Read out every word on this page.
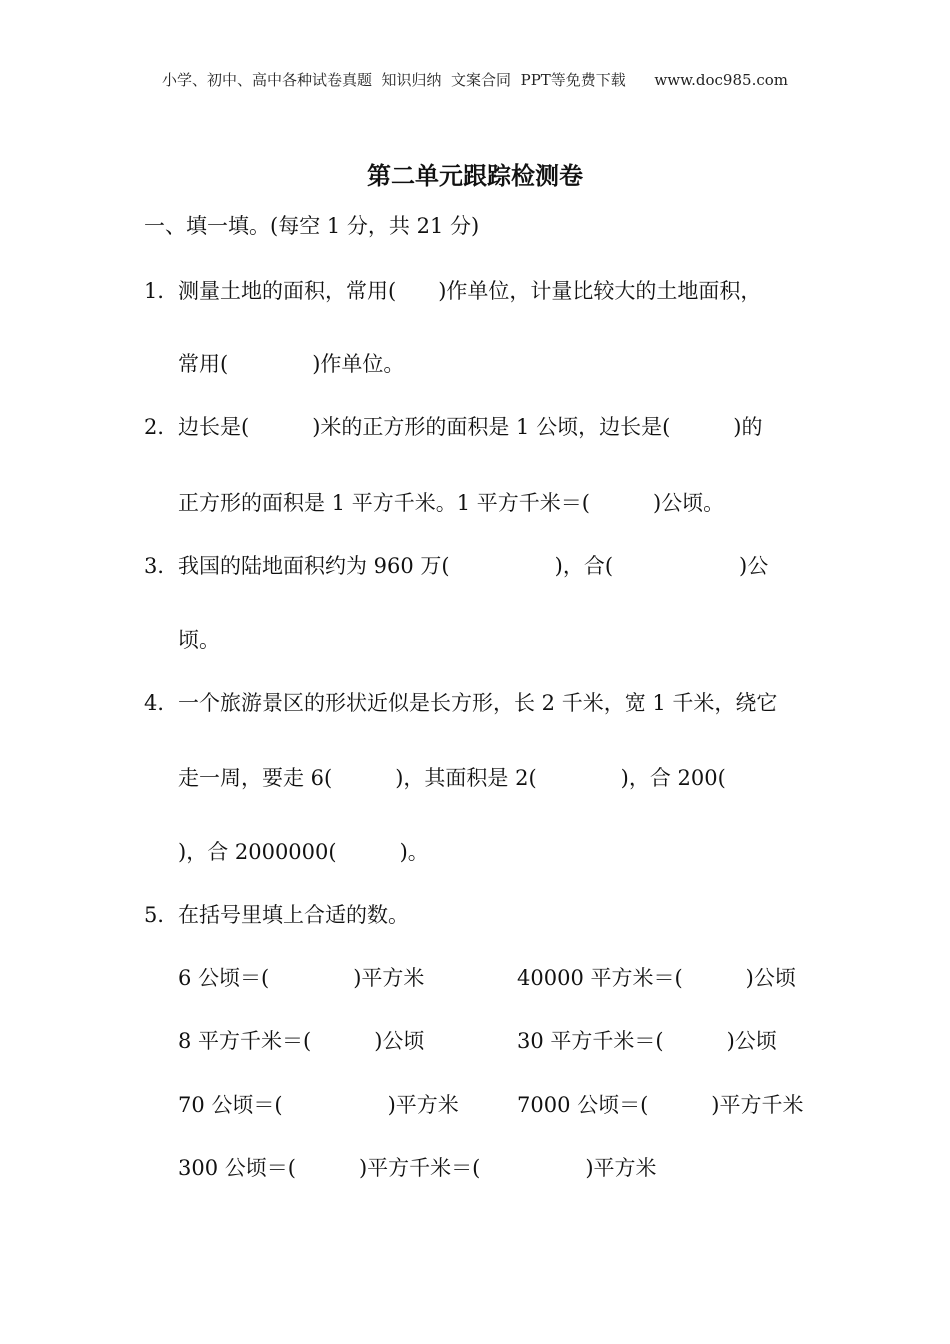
小学、初中、高中各种试卷真题  知识归纳  文案合同  PPT等免费下载      www.doc985.com
第二单元跟踪检测卷
一、填一填。(每空 1 分，共 21 分)
1． 测量土地的面积，常用(　　)作单位，计量比较大的土地面积，
常用(　　　　)作单位。
2． 边长是(　　　)米的正方形的面积是 1 公顷，边长是(　　　)的
正方形的面积是 1 平方千米。1 平方千米＝(　　　)公顷。
3． 我国的陆地面积约为 960 万(　　　　　)，合(　　　　　　)公
顷。
4． 一个旅游景区的形状近似是长方形，长 2 千米，宽 1 千米，绕它
走一周，要走 6(　　　)，其面积是 2(　　　　)，合 200(
)，合 2000000(　　　)。
5． 在括号里填上合适的数。
6 公顷＝(　　　　)平方米	40000 平方米＝(　　　)公顷
8 平方千米＝(　　　)公顷	30 平方千米＝(　　　)公顷
70 公顷＝(　　　　　)平方米	7000 公顷＝(　　　)平方千米
300 公顷＝(　　　)平方千米＝(　　　　　)平方米
